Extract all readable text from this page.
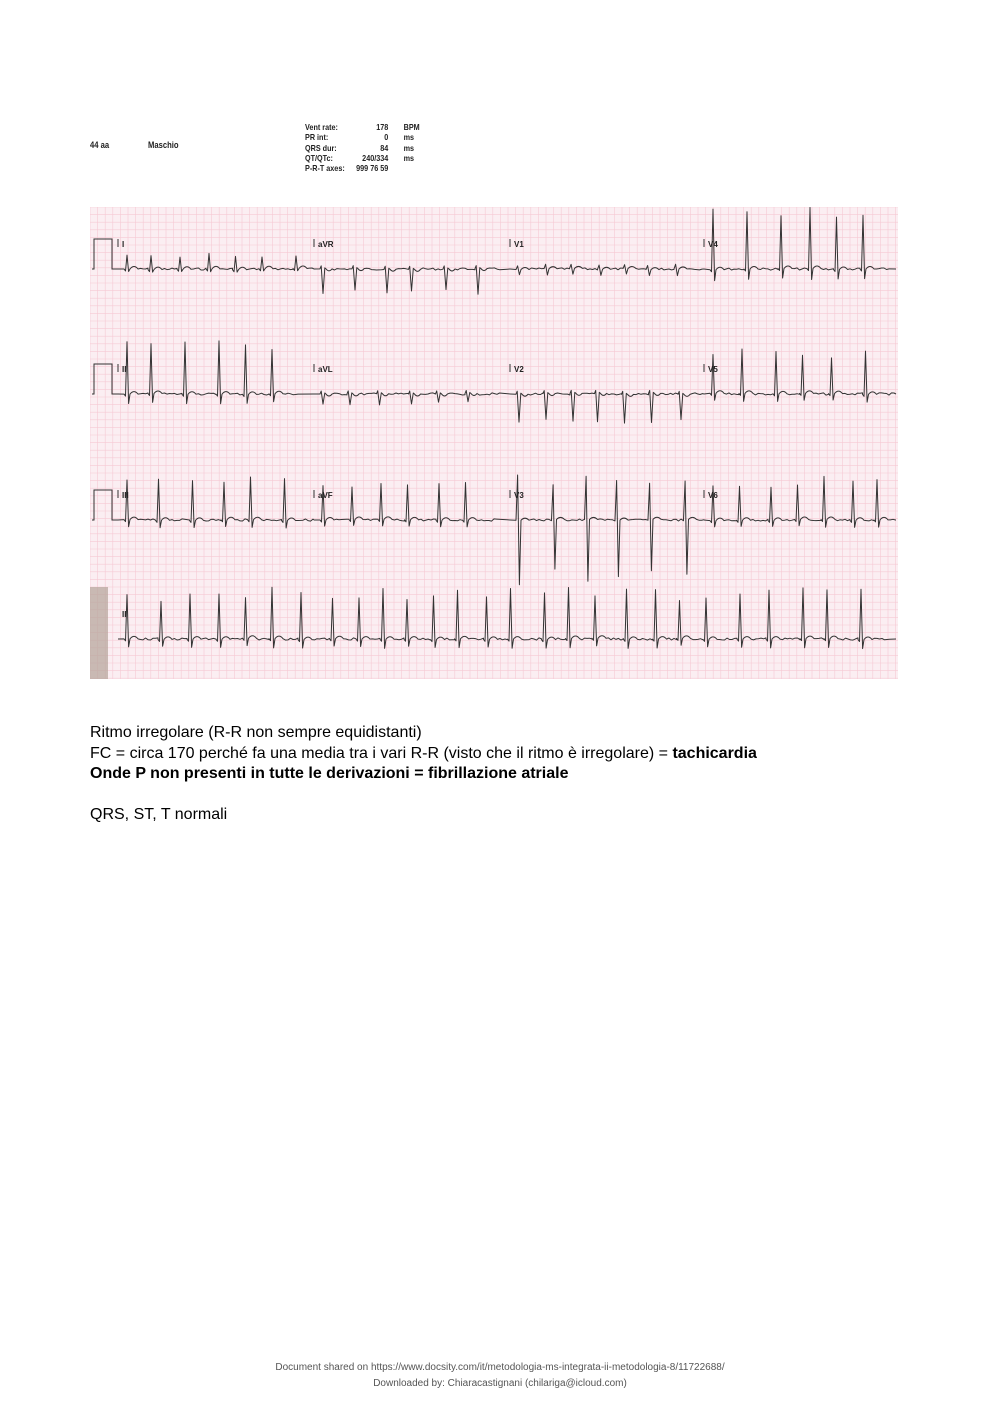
44 aa	Maschio
Vent rate:	178 BPM
PR int:	0 ms
QRS dur:	84 ms
QT/QTc:	240/334 ms
P-R-T axes: 999 76 59
I	aVR	V1	V4
II	aVL	V2	V5
III	aVF	V3	V6
II

Ritmo irregolare (R-R non sempre equidistanti)

FC = circa 170 perché fa una media tra i vari R-R (visto che il ritmo è irregolare) = tachicardia

Onde P non presenti in tutte le derivazioni = fibrillazione atriale

QRS, ST, T normali

Document shared on https://www.docsity.com/it/metodologia-ms-integrata-ii-metodologia-8/11722688/
Downloaded by: Chiaracastignani (chilariga@icloud.com)
